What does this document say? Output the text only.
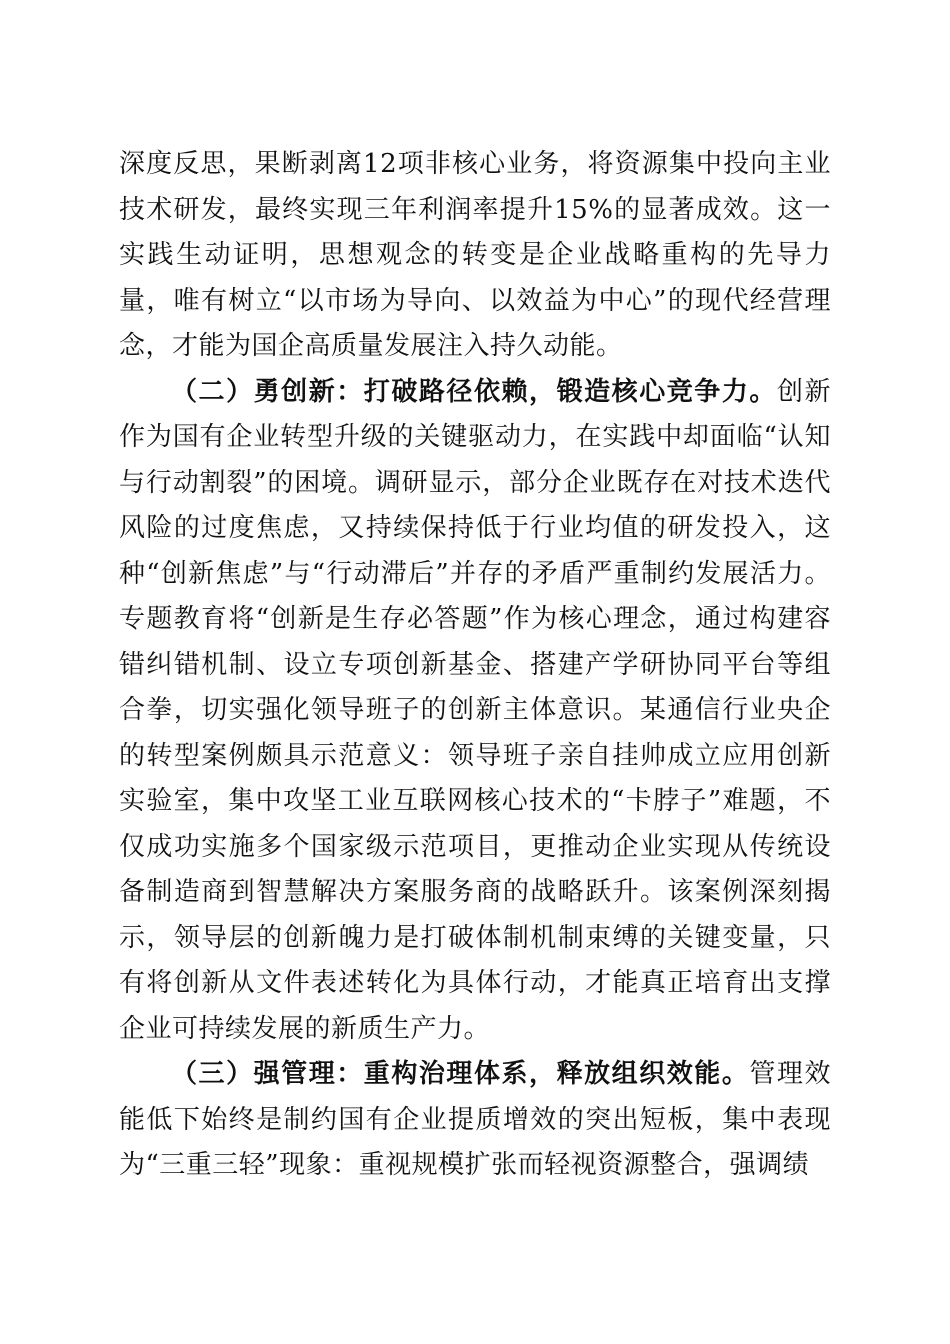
深度反思，果断剥离12项非核心业务，将资源集中投向主业技术研发，最终实现三年利润率提升15%的显著成效。这一实践生动证明，思想观念的转变是企业战略重构的先导力量，唯有树立“以市场为导向、以效益为中心”的现代经营理念，才能为国企高质量发展注入持久动能。

（二）勇创新：打破路径依赖，锻造核心竞争力。创新作为国有企业转型升级的关键驱动力，在实践中却面临“认知与行动割裂”的困境。调研显示，部分企业既存在对技术迭代风险的过度焦虑，又持续保持低于行业均值的研发投入，这种“创新焦虑”与“行动滞后”并存的矛盾严重制约发展活力。专题教育将“创新是生存必答题”作为核心理念，通过构建容错纠错机制、设立专项创新基金、搭建产学研协同平台等组合拳，切实强化领导班子的创新主体意识。某通信行业央企的转型案例颇具示范意义：领导班子亲自挂帅成立应用创新实验室，集中攻坚工业互联网核心技术的“卡脖子”难题，不仅成功实施多个国家级示范项目，更推动企业实现从传统设备制造商到智慧解决方案服务商的战略跃升。该案例深刻揭示，领导层的创新魄力是打破体制机制束缚的关键变量，只有将创新从文件表述转化为具体行动，才能真正培育出支撑企业可持续发展的新质生产力。

（三）强管理：重构治理体系，释放组织效能。管理效能低下始终是制约国有企业提质增效的突出短板，集中表现为“三重三轻”现象：重视规模扩张而轻视资源整合，强调绩
